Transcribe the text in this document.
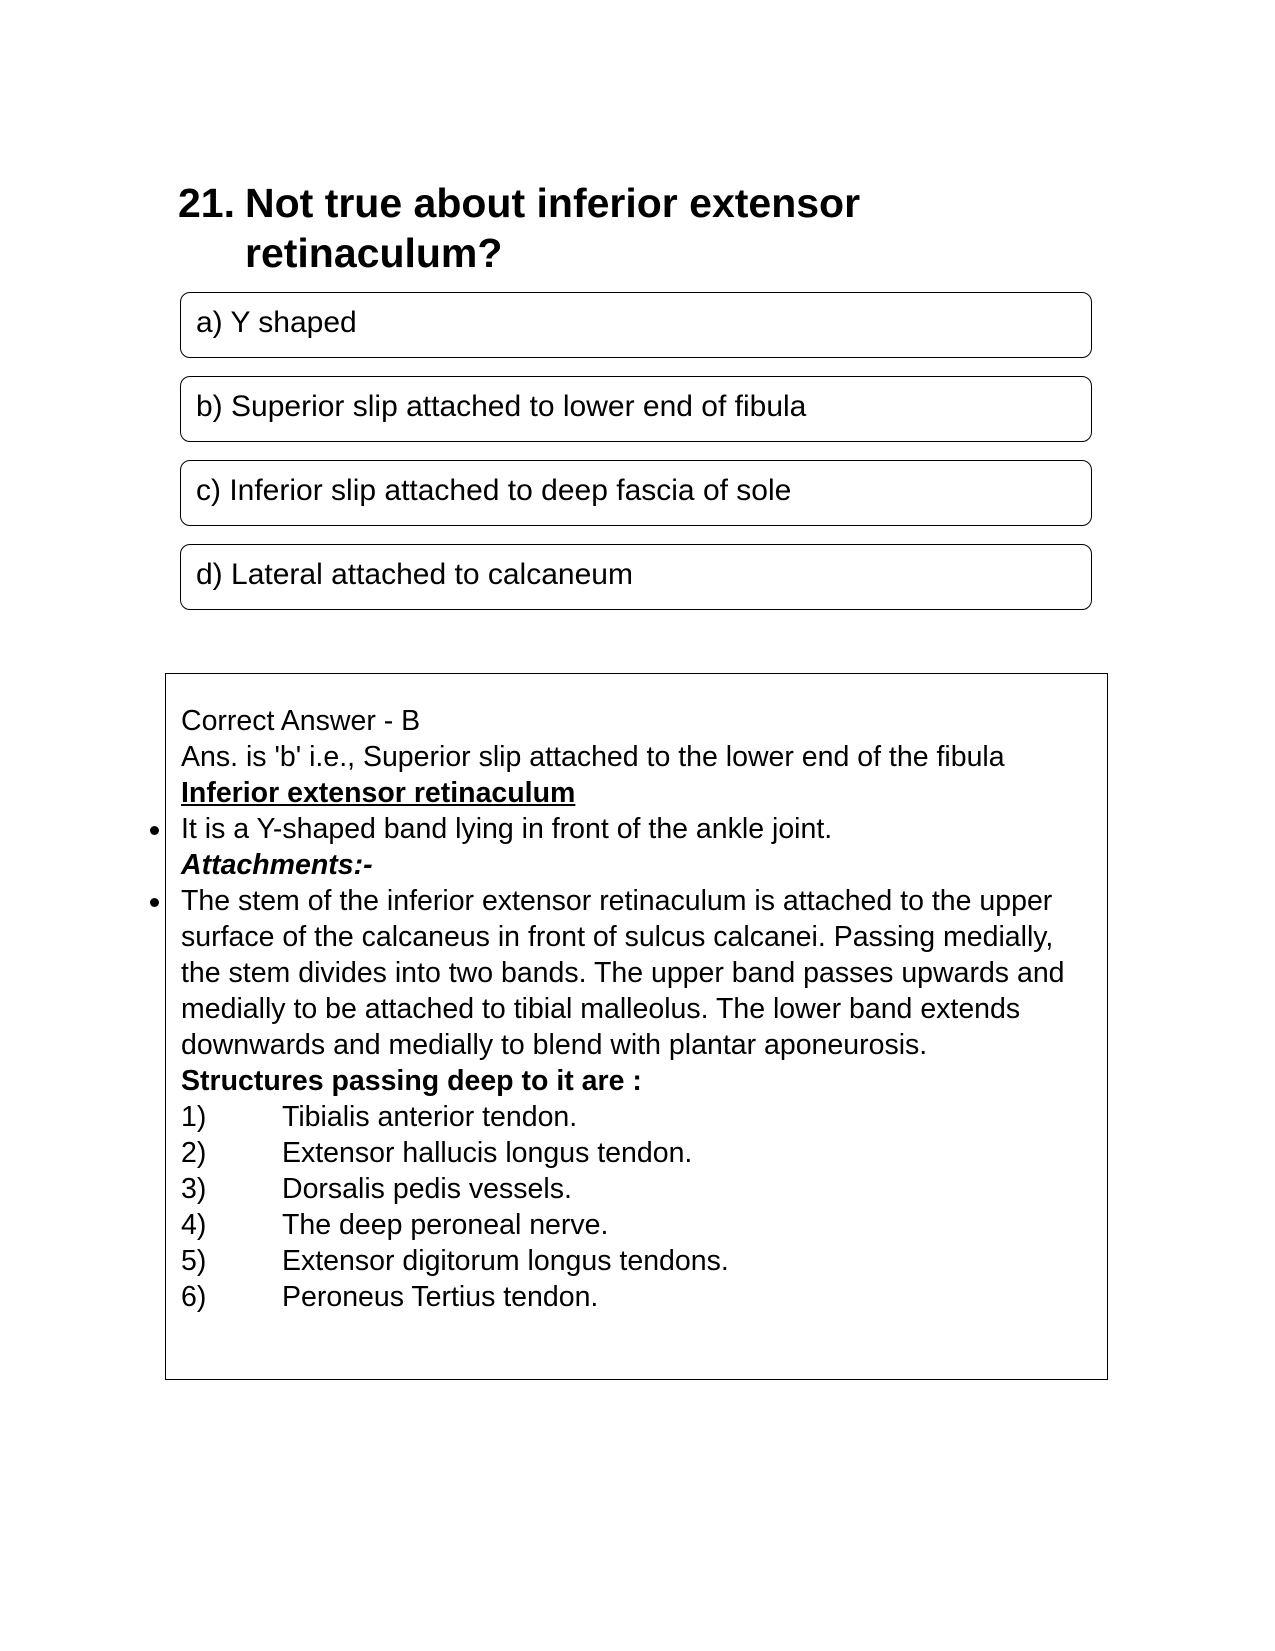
21. Not true about inferior extensor retinaculum?
a) Y shaped
b) Superior slip attached to lower end of fibula
c) Inferior slip attached to deep fascia of sole
d) Lateral attached to calcaneum
Correct Answer - B
Ans. is 'b' i.e., Superior slip attached to the lower end of the fibula
Inferior extensor retinaculum
It is a Y-shaped band lying in front of the ankle joint.
Attachments:-
The stem of the inferior extensor retinaculum is attached to the upper surface of the calcaneus in front of sulcus calcanei. Passing medially, the stem divides into two bands. The upper band passes upwards and medially to be attached to tibial malleolus. The lower band extends downwards and medially to blend with plantar aponeurosis.
Structures passing deep to it are :
1)	Tibialis anterior tendon.
2)	Extensor hallucis longus tendon.
3)	Dorsalis pedis vessels.
4)	The deep peroneal nerve.
5)	Extensor digitorum longus tendons.
6)	Peroneus Tertius tendon.
